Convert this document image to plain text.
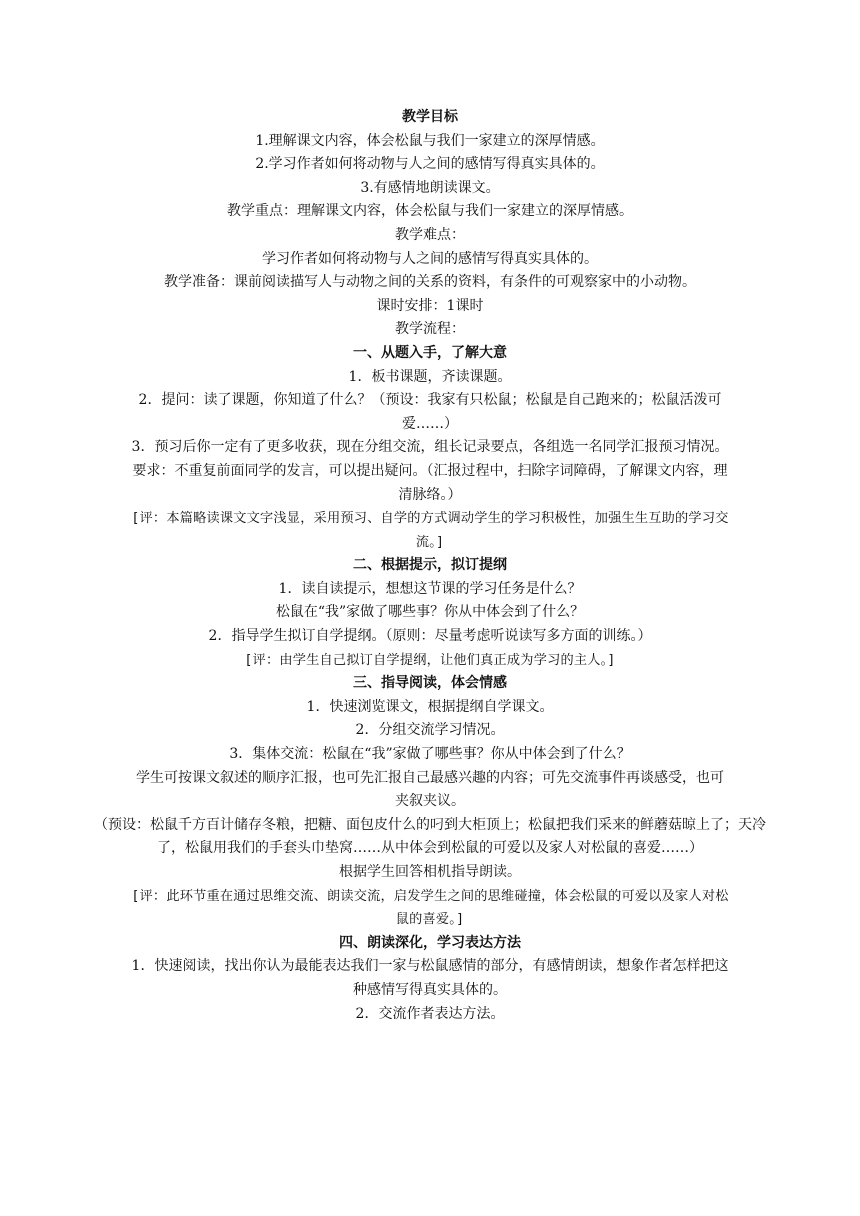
教学目标

1.理解课文内容，体会松鼠与我们一家建立的深厚情感。

2.学习作者如何将动物与人之间的感情写得真实具体的。

3.有感情地朗读课文。

教学重点：理解课文内容，体会松鼠与我们一家建立的深厚情感。

教学难点：

学习作者如何将动物与人之间的感情写得真实具体的。

教学准备：课前阅读描写人与动物之间的关系的资料，有条件的可观察家中的小动物。

课时安排：1课时

教学流程：

一、从题入手，了解大意

1．板书课题，齐读课题。

2．提问：读了课题，你知道了什么？（预设：我家有只松鼠；松鼠是自己跑来的；松鼠活泼可爱……）

3．预习后你一定有了更多收获，现在分组交流，组长记录要点，各组选一名同学汇报预习情况。要求：不重复前面同学的发言，可以提出疑问。（汇报过程中，扫除字词障碍，了解课文内容，理清脉络。）

[评：本篇略读课文文字浅显，采用预习、自学的方式调动学生的学习积极性，加强生生互助的学习交流。]

二、根据提示，拟订提纲

1．读自读提示，想想这节课的学习任务是什么？

松鼠在“我”家做了哪些事？你从中体会到了什么？

2．指导学生拟订自学提纲。（原则：尽量考虑听说读写多方面的训练。）

[评：由学生自己拟订自学提纲，让他们真正成为学习的主人。]

三、指导阅读，体会情感

1．快速浏览课文，根据提纲自学课文。

2．分组交流学习情况。

3．集体交流：松鼠在“我”家做了哪些事？你从中体会到了什么？

学生可按课文叙述的顺序汇报，也可先汇报自己最感兴趣的内容；可先交流事件再谈感受，也可夹叙夹议。

（预设：松鼠千方百计储存冬粮，把糖、面包皮什么的叼到大柜顶上；松鼠把我们采来的鲜蘑菇晾上了；天冷了，松鼠用我们的手套头巾垫窝……从中体会到松鼠的可爱以及家人对松鼠的喜爱……）

根据学生回答相机指导朗读。

[评：此环节重在通过思维交流、朗读交流，启发学生之间的思维碰撞，体会松鼠的可爱以及家人对松鼠的喜爱。]

四、朗读深化，学习表达方法

1．快速阅读，找出你认为最能表达我们一家与松鼠感情的部分，有感情朗读，想象作者怎样把这种感情写得真实具体的。

2．交流作者表达方法。
